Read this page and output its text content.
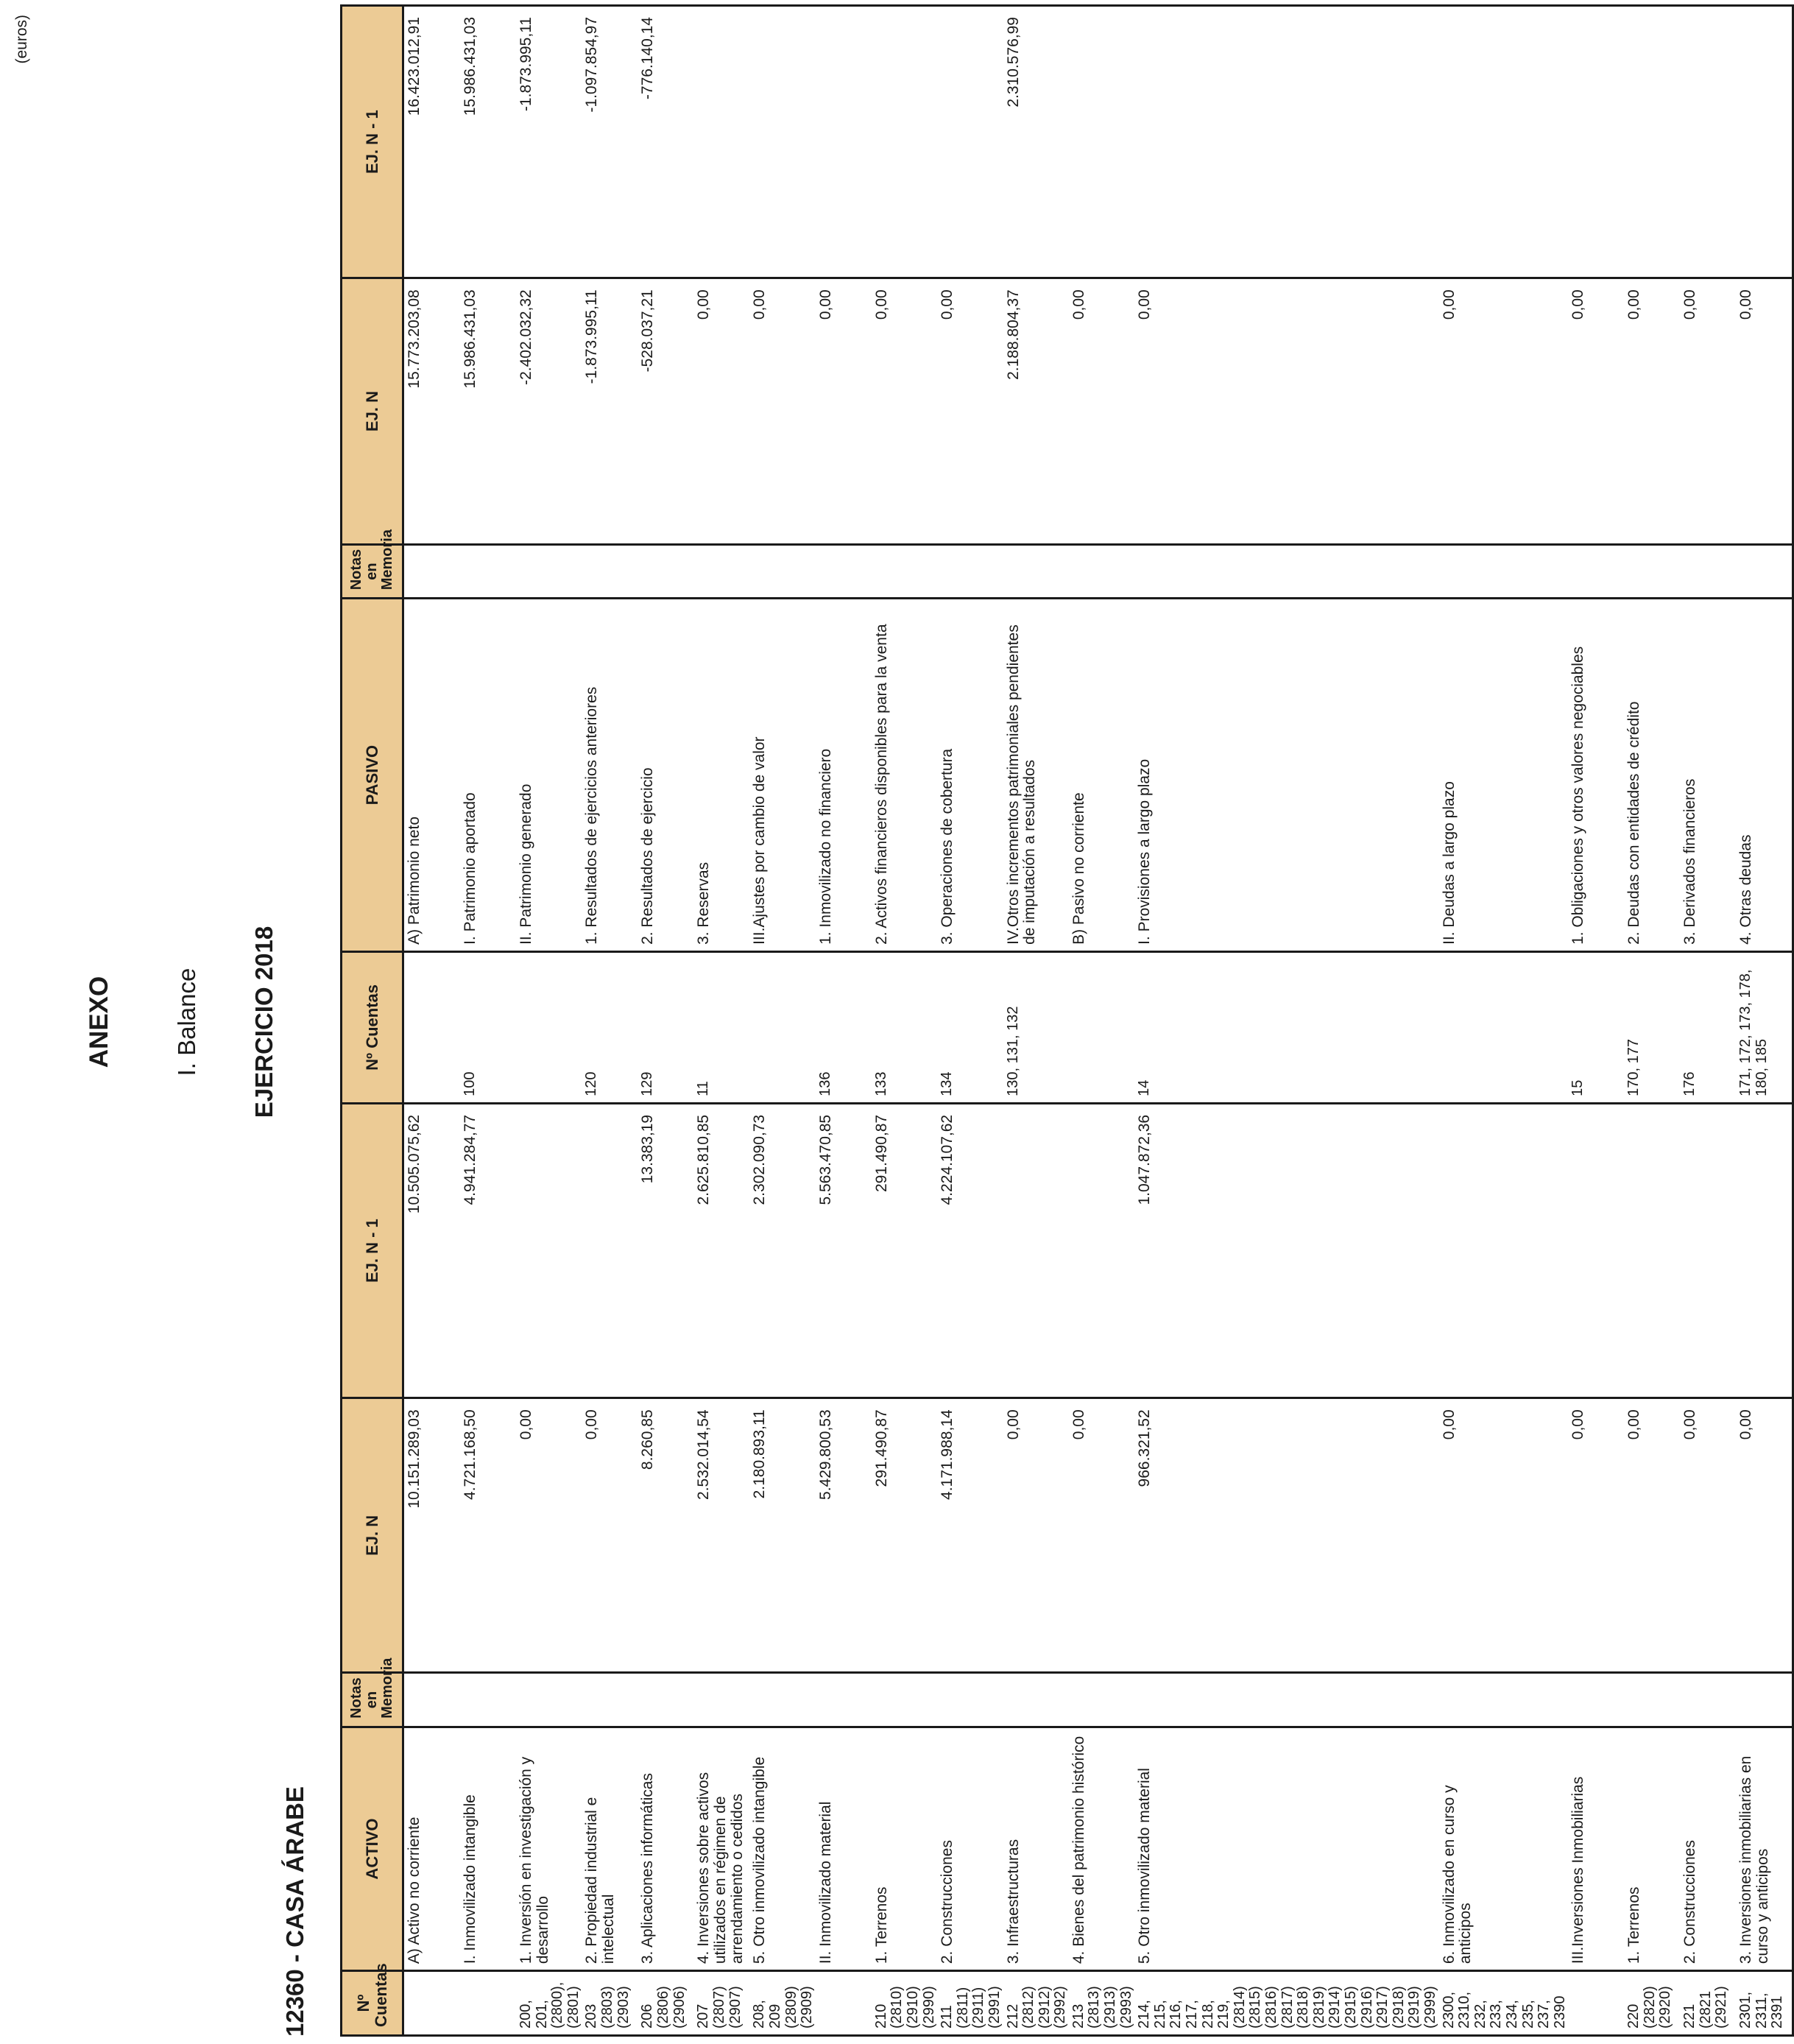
ANEXO I. Balance EJERCICIO 2018
12360 - CASA ÁRABE
(euros)
Nº Cuentas	ACTIVO	Notas en Memoria	EJ. N	EJ. N - 1	Nº Cuentas	PASIVO	Notas en Memoria	EJ. N	EJ. N - 1
	A) Activo no corriente		10.151.289,03	10.505.075,62		A) Patrimonio neto		15.773.203,08	16.423.012,91
	I. Inmovilizado intangible		4.721.168,50	4.941.284,77	100	I. Patrimonio aportado		15.986.431,03	15.986.431,03
200, 201, (2800), (2801)	1. Inversión en investigación y desarrollo		0,00			II. Patrimonio generado		-2.402.032,32	-1.873.995,11
203 (2803) (2903)	2. Propiedad industrial e intelectual		0,00		120	1. Resultados de ejercicios anteriores		-1.873.995,11	-1.097.854,97
206 (2806) (2906)	3. Aplicaciones informáticas		8.260,85	13.383,19	129	2. Resultados de ejercicio		-528.037,21	-776.140,14
207 (2807) (2907)	4. Inversiones sobre activos utilizados en régimen de arrendamiento o cedidos		2.532.014,54	2.625.810,85	11	3. Reservas		0,00	
208, 209 (2809) (2909)	5. Otro inmovilizado intangible		2.180.893,11	2.302.090,73		III.Ajustes por cambio de valor		0,00	
	II. Inmovilizado material		5.429.800,53	5.563.470,85	136	1. Inmovilizado no financiero		0,00	
210 (2810) (2910) (2990)	1. Terrenos		291.490,87	291.490,87	133	2. Activos financieros disponibles para la venta		0,00	
211 (2811) (2911) (2991)	2. Construcciones		4.171.988,14	4.224.107,62	134	3. Operaciones de cobertura		0,00	
212 (2812) (2912) (2992)	3. Infraestructuras		0,00		130, 131, 132	IV.Otros incrementos patrimoniales pendientes de imputación a resultados		2.188.804,37	2.310.576,99
213 (2813) (2913) (2993)	4. Bienes del patrimonio histórico		0,00			B) Pasivo no corriente		0,00	
214, 215, 216, 217, 218, 219, (2814) (2815) (2816) (2817) (2818) (2819) (2914) (2915) (2916) (2917) (2918) (2919) (2999)	5. Otro inmovilizado material		966.321,52	1.047.872,36	14	I. Provisiones a largo plazo		0,00	
2300, 2310, 232, 233, 234, 235, 237, 2390	6. Inmovilizado en curso y anticipos		0,00			II. Deudas a largo plazo		0,00	
	III.Inversiones Inmobiliarias		0,00		15	1. Obligaciones y otros valores negociables		0,00	
220 (2820) (2920)	1. Terrenos		0,00		170, 177	2. Deudas con entidades de crédito		0,00	
221 (2821 (2921)	2. Construcciones		0,00		176	3. Derivados financieros		0,00	
2301, 2311, 2391	3. Inversiones inmobiliarias en curso y anticipos		0,00		171, 172, 173, 178, 180, 185	4. Otras deudas		0,00	
